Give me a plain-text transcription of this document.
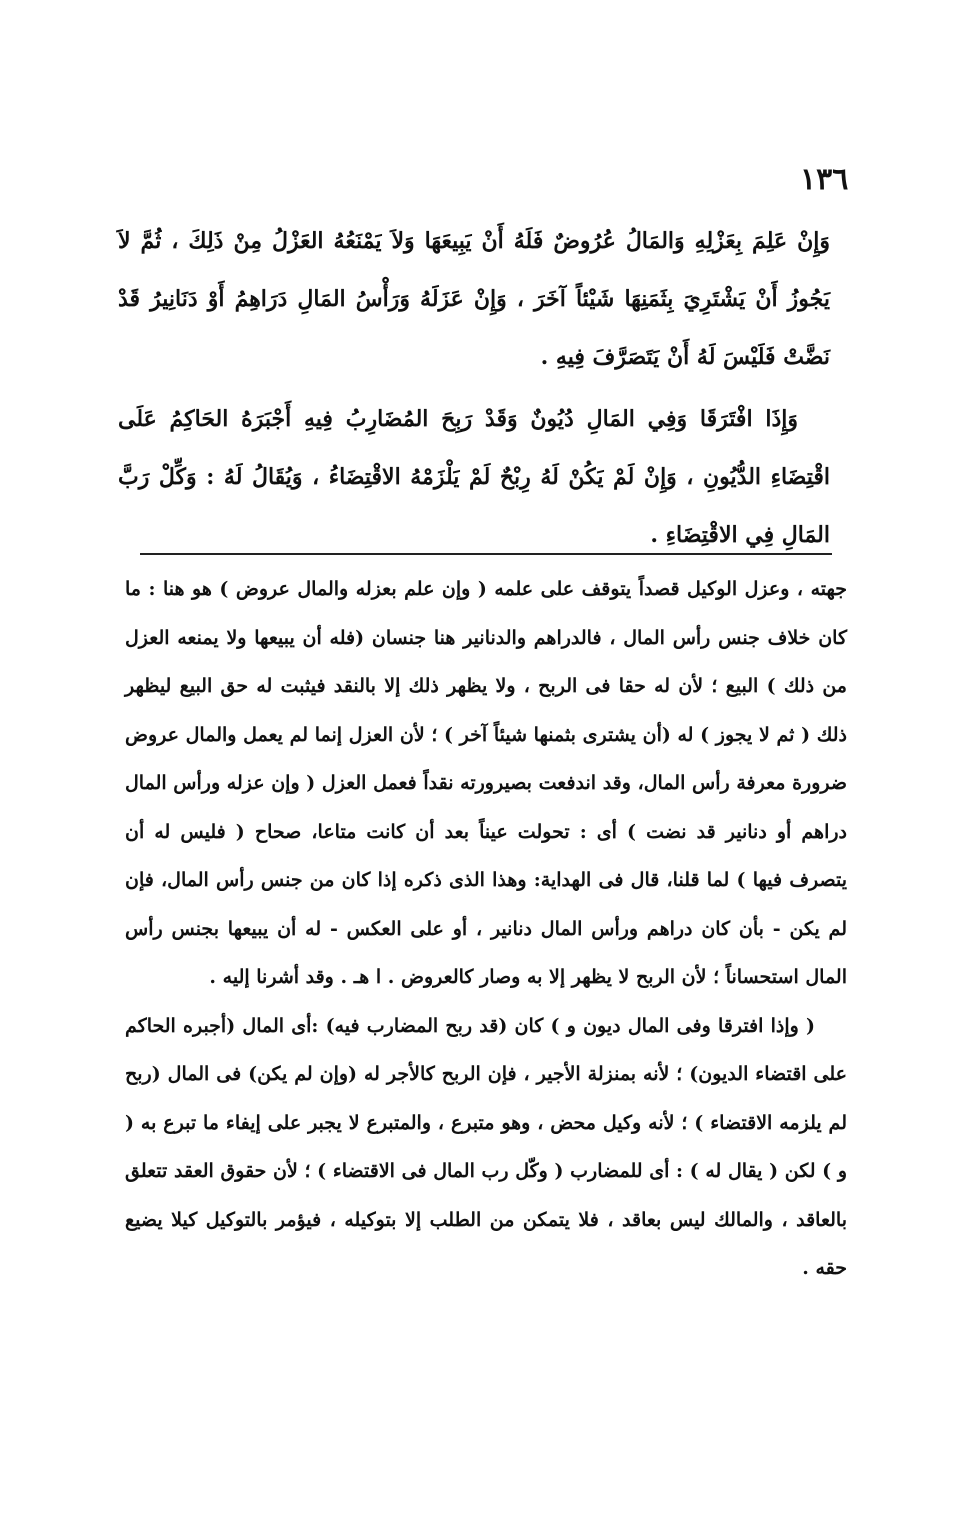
١٣٦

وَإِنْ عَلِمَ بِعَزْلِهِ وَالمَالُ عُرُوضٌ فَلَهُ أَنْ يَبِيعَهَا وَلاَ يَمْنَعُهُ العَزْلُ مِنْ ذَلِكَ ، ثُمَّ لاَ يَجُوزُ أَنْ يَشْتَرِيَ بِثَمَنِهَا شَيْئاً آخَرَ ، وَإِنْ عَزَلَهُ وَرَأْسُ المَالِ دَرَاهِمُ أَوْ دَنَانِيرُ قَدْ نَضَّتْ فَلَيْسَ لَهُ أَنْ يَتَصَرَّفَ فِيهِ .

وَإِذَا افْتَرَقَا وَفِي المَالِ دُيُونٌ وَقَدْ رَبِحَ المُضَارِبُ فِيهِ أَجْبَرَهُ الحَاكِمُ عَلَى اقْتِضَاءِ الدُّيُونِ ، وَإِنْ لَمْ يَكُنْ لَهُ رِبْحٌ لَمْ يَلْزَمْهُ الاقْتِضَاءُ ، وَيُقَالُ لَهُ : وَكِّلْ رَبَّ المَالِ فِي الاقْتِضَاءِ .

جهته ، وعزل الوكيل قصداً يتوقف على علمه ( وإن علم بعزله والمال عروض ) هو هنا : ما كان خلاف جنس رأس المال ، فالدراهم والدنانير هنا جنسان (فله أن يبيعها ولا يمنعه العزل من ذلك ) البيع ؛ لأن له حقا فى الربح ، ولا يظهر ذلك إلا بالنقد فيثبت له حق البيع ليظهر ذلك ( ثم لا يجوز ) له (أن يشترى بثمنها شيئاً آخر ) ؛ لأن العزل إنما لم يعمل والمال عروض ضرورة معرفة رأس المال، وقد اندفعت بصيرورته نقداً فعمل العزل ( وإن عزله ورأس المال دراهم أو دنانير قد نضت ) أى : تحولت عيناً بعد أن كانت متاعا، صحاح ( فليس له أن يتصرف فيها ) لما قلنا، قال فى الهداية: وهذا الذى ذكره إذا كان من جنس رأس المال، فإن لم يكن - بأن كان دراهم ورأس المال دنانير ، أو على العكس - له أن يبيعها بجنس رأس المال استحساناً ؛ لأن الربح لا يظهر إلا به وصار كالعروض . ا هـ . وقد أشرنا إليه .

( وإذا افترقا وفى المال ديون و ) كان (قد ربح المضارب فيه) :أى المال (أجبره الحاكم على اقتضاء الديون) ؛ لأنه بمنزلة الأجير ، فإن الربح كالأجر له (وإن لم يكن) فى المال (ربح لم يلزمه الاقتضاء ) ؛ لأنه وكيل محض ، وهو متبرع ، والمتبرع لا يجبر على إيفاء ما تبرع به ( و ) لكن ( يقال له ) : أى للمضارب ( وكّل رب المال فى الاقتضاء ) ؛ لأن حقوق العقد تتعلق بالعاقد ، والمالك ليس بعاقد ، فلا يتمكن من الطلب إلا بتوكيله ، فيؤمر بالتوكيل كيلا يضيع حقه .
